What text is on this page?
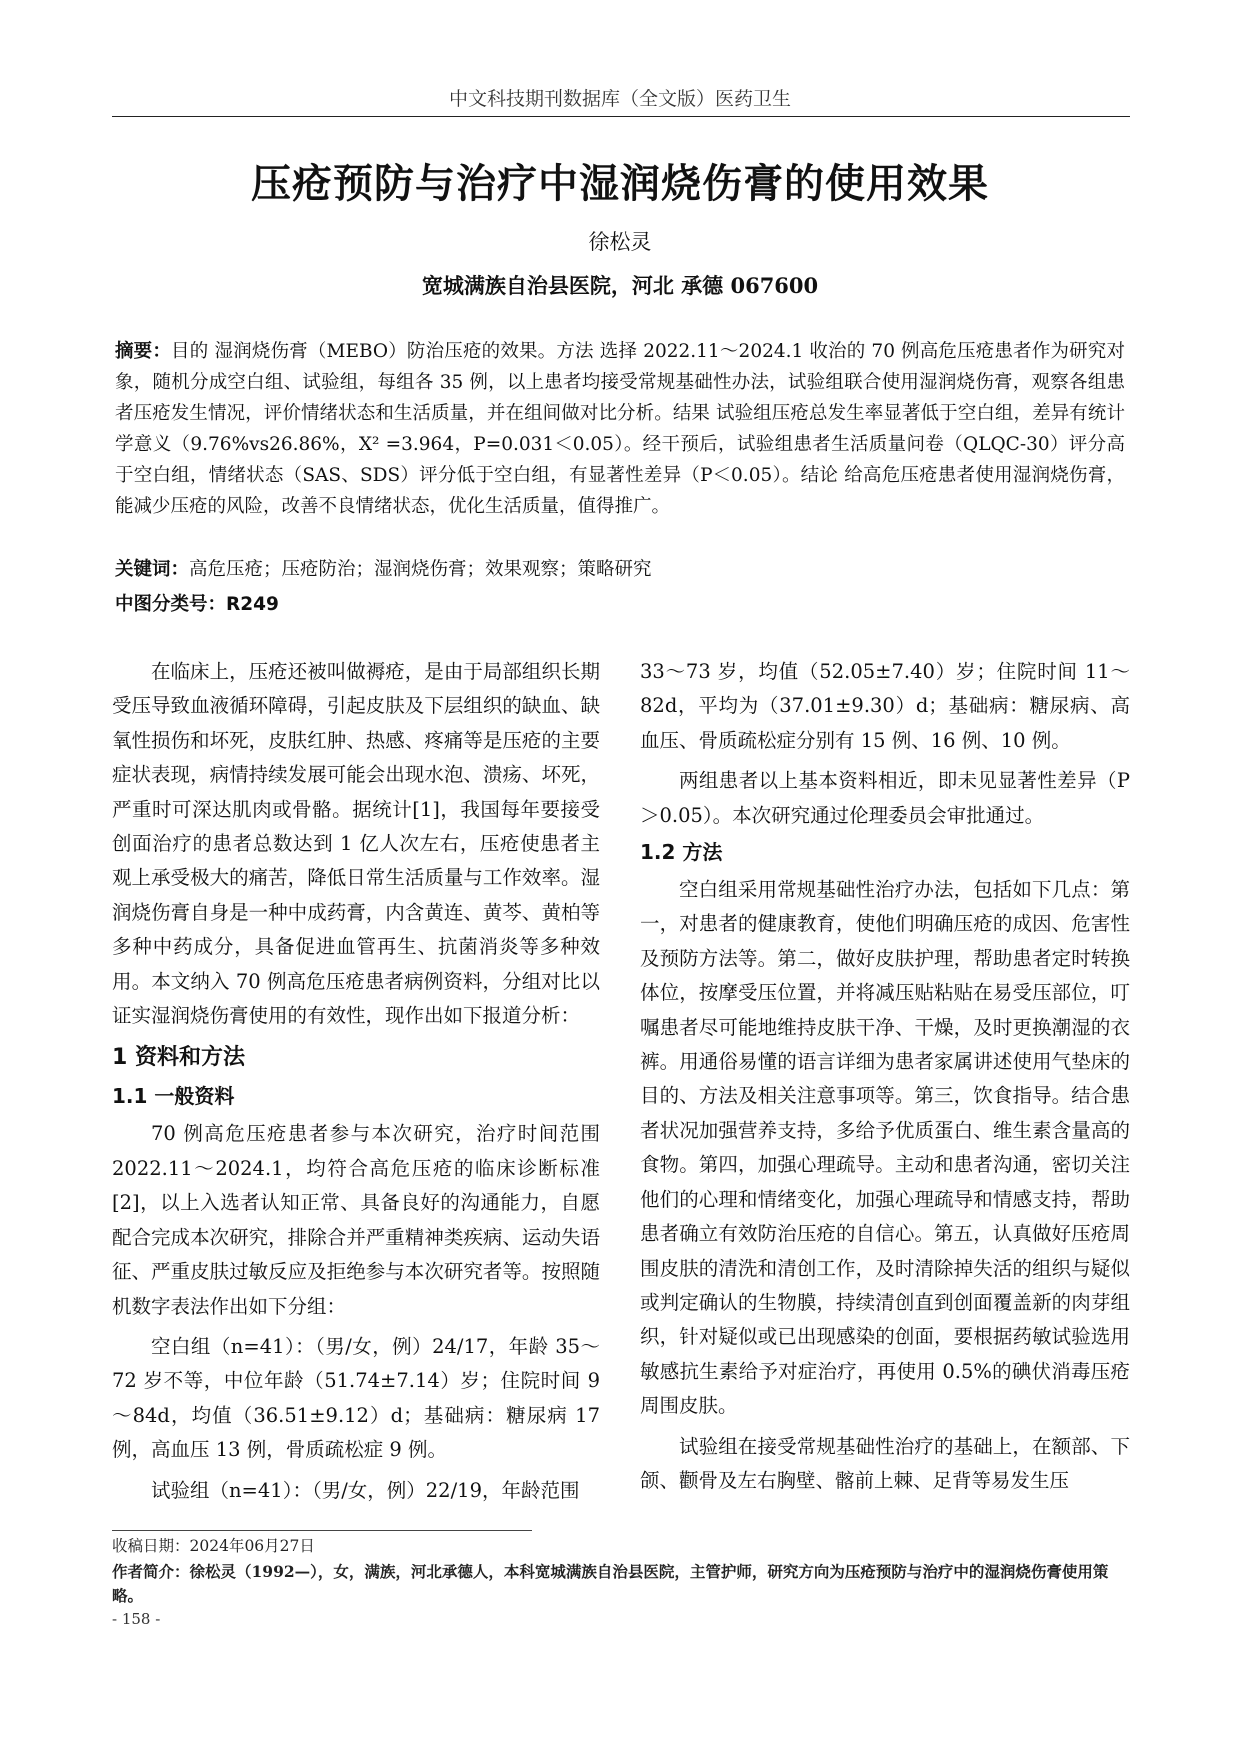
中文科技期刊数据库（全文版）医药卫生
压疮预防与治疗中湿润烧伤膏的使用效果
徐松灵
宽城满族自治县医院，河北 承德 067600
摘要：目的 湿润烧伤膏（MEBO）防治压疮的效果。方法 选择 2022.11～2024.1 收治的 70 例高危压疮患者作为研究对象，随机分成空白组、试验组，每组各 35 例，以上患者均接受常规基础性办法，试验组联合使用湿润烧伤膏，观察各组患者压疮发生情况，评价情绪状态和生活质量，并在组间做对比分析。结果 试验组压疮总发生率显著低于空白组，差异有统计学意义（9.76%vs26.86%，X² =3.964，P=0.031＜0.05）。经干预后，试验组患者生活质量问卷（QLQC-30）评分高于空白组，情绪状态（SAS、SDS）评分低于空白组，有显著性差异（P＜0.05）。结论 给高危压疮患者使用湿润烧伤膏，能减少压疮的风险，改善不良情绪状态，优化生活质量，值得推广。
关键词：高危压疮；压疮防治；湿润烧伤膏；效果观察；策略研究
中图分类号：R249

在临床上，压疮还被叫做褥疮，是由于局部组织长期受压导致血液循环障碍，引起皮肤及下层组织的缺血、缺氧性损伤和坏死，皮肤红肿、热感、疼痛等是压疮的主要症状表现，病情持续发展可能会出现水泡、溃疡、坏死，严重时可深达肌肉或骨骼。据统计[1]，我国每年要接受创面治疗的患者总数达到 1 亿人次左右，压疮使患者主观上承受极大的痛苦，降低日常生活质量与工作效率。湿润烧伤膏自身是一种中成药膏，内含黄连、黄芩、黄柏等多种中药成分，具备促进血管再生、抗菌消炎等多种效用。本文纳入 70 例高危压疮患者病例资料，分组对比以证实湿润烧伤膏使用的有效性，现作出如下报道分析：

1 资料和方法
1.1 一般资料

70 例高危压疮患者参与本次研究，治疗时间范围 2022.11～2024.1，均符合高危压疮的临床诊断标准[2]，以上入选者认知正常、具备良好的沟通能力，自愿配合完成本次研究，排除合并严重精神类疾病、运动失语征、严重皮肤过敏反应及拒绝参与本次研究者等。按照随机数字表法作出如下分组：

空白组（n=41）：（男/女，例）24/17，年龄 35～72 岁不等，中位年龄（51.74±7.14）岁；住院时间 9～84d，均值（36.51±9.12）d；基础病：糖尿病 17 例，高血压 13 例，骨质疏松症 9 例。

试验组（n=41）：（男/女，例）22/19，年龄范围

33～73 岁，均值（52.05±7.40）岁；住院时间 11～82d，平均为（37.01±9.30）d；基础病：糖尿病、高血压、骨质疏松症分别有 15 例、16 例、10 例。

两组患者以上基本资料相近，即未见显著性差异（P＞0.05）。本次研究通过伦理委员会审批通过。

1.2 方法

空白组采用常规基础性治疗办法，包括如下几点：第一，对患者的健康教育，使他们明确压疮的成因、危害性及预防方法等。第二，做好皮肤护理，帮助患者定时转换体位，按摩受压位置，并将减压贴粘贴在易受压部位，叮嘱患者尽可能地维持皮肤干净、干燥，及时更换潮湿的衣裤。用通俗易懂的语言详细为患者家属讲述使用气垫床的目的、方法及相关注意事项等。第三，饮食指导。结合患者状况加强营养支持，多给予优质蛋白、维生素含量高的食物。第四，加强心理疏导。主动和患者沟通，密切关注他们的心理和情绪变化，加强心理疏导和情感支持，帮助患者确立有效防治压疮的自信心。第五，认真做好压疮周围皮肤的清洗和清创工作，及时清除掉失活的组织与疑似或判定确认的生物膜，持续清创直到创面覆盖新的肉芽组织，针对疑似或已出现感染的创面，要根据药敏试验选用敏感抗生素给予对症治疗，再使用 0.5%的碘伏消毒压疮周围皮肤。

试验组在接受常规基础性治疗的基础上，在额部、下颌、颧骨及左右胸壁、髂前上棘、足背等易发生压

收稿日期：2024年06月27日
作者简介：徐松灵（1992—），女，满族，河北承德人，本科宽城满族自治县医院，主管护师，研究方向为压疮预防与治疗中的湿润烧伤膏使用策略。
- 158 -
